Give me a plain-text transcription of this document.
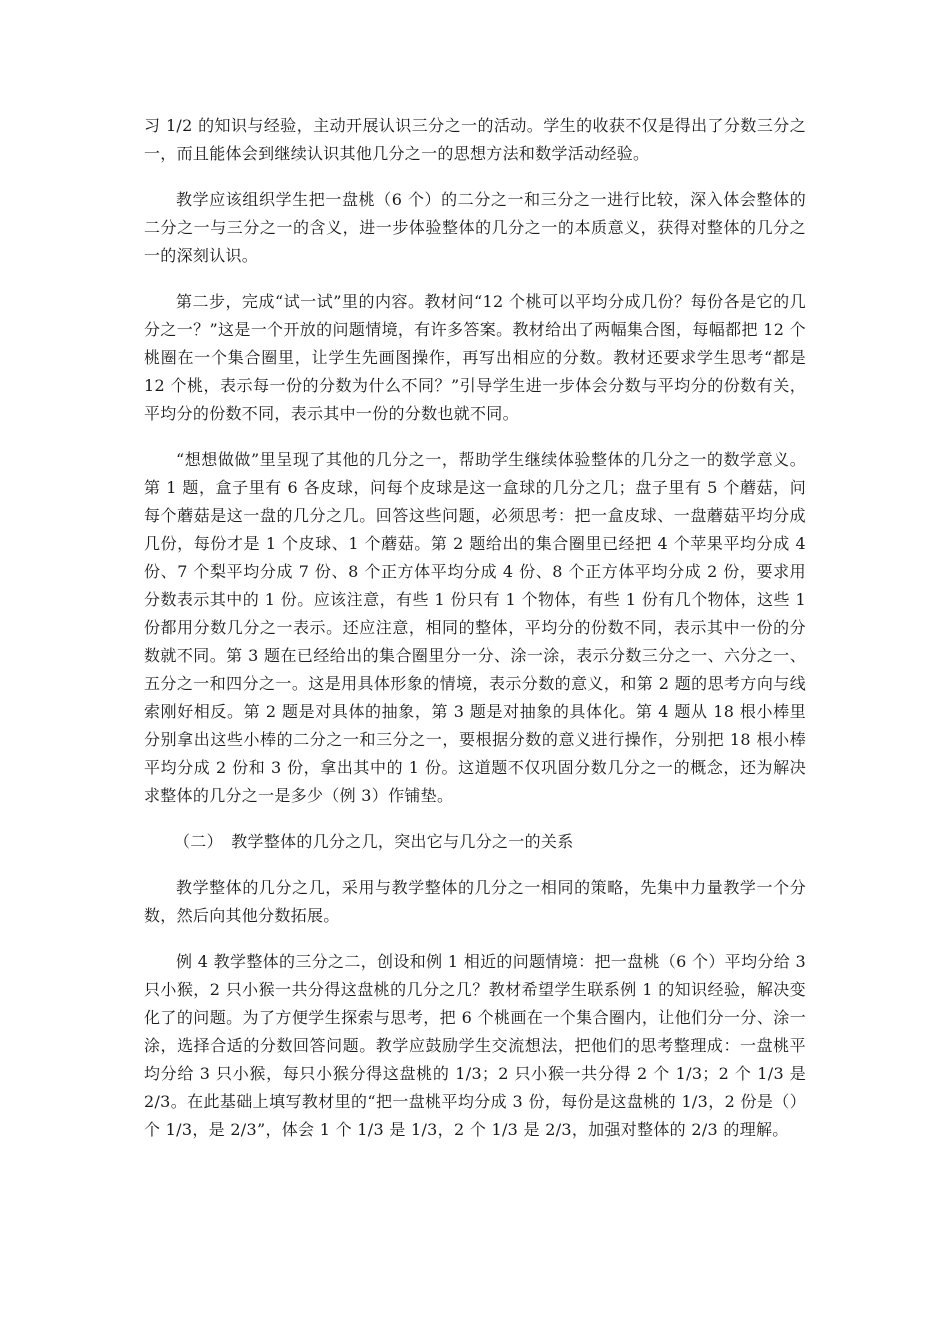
习 1/2 的知识与经验，主动开展认识三分之一的活动。学生的收获不仅是得出了分数三分之一，而且能体会到继续认识其他几分之一的思想方法和数学活动经验。

教学应该组织学生把一盘桃（6 个）的二分之一和三分之一进行比较，深入体会整体的二分之一与三分之一的含义，进一步体验整体的几分之一的本质意义，获得对整体的几分之一的深刻认识。

第二步，完成“试一试”里的内容。教材问“12 个桃可以平均分成几份？每份各是它的几分之一？”这是一个开放的问题情境，有许多答案。教材给出了两幅集合图，每幅都把 12 个桃圈在一个集合圈里，让学生先画图操作，再写出相应的分数。教材还要求学生思考“都是 12 个桃，表示每一份的分数为什么不同？”引导学生进一步体会分数与平均分的份数有关，平均分的份数不同，表示其中一份的分数也就不同。

“想想做做”里呈现了其他的几分之一，帮助学生继续体验整体的几分之一的数学意义。第 1 题，盒子里有 6 各皮球，问每个皮球是这一盒球的几分之几；盘子里有 5 个蘑菇，问每个蘑菇是这一盘的几分之几。回答这些问题，必须思考：把一盒皮球、一盘蘑菇平均分成几份，每份才是 1 个皮球、1 个蘑菇。第 2 题给出的集合圈里已经把 4 个苹果平均分成 4 份、7 个梨平均分成 7 份、8 个正方体平均分成 4 份、8 个正方体平均分成 2 份，要求用分数表示其中的 1 份。应该注意，有些 1 份只有 1 个物体，有些 1 份有几个物体，这些 1 份都用分数几分之一表示。还应注意，相同的整体，平均分的份数不同，表示其中一份的分数就不同。第 3 题在已经给出的集合圈里分一分、涂一涂，表示分数三分之一、六分之一、五分之一和四分之一。这是用具体形象的情境，表示分数的意义，和第 2 题的思考方向与线索刚好相反。第 2 题是对具体的抽象，第 3 题是对抽象的具体化。第 4 题从 18 根小棒里分别拿出这些小棒的二分之一和三分之一，要根据分数的意义进行操作，分别把 18 根小棒平均分成 2 份和 3 份，拿出其中的 1 份。这道题不仅巩固分数几分之一的概念，还为解决求整体的几分之一是多少（例 3）作铺垫。

（二）　教学整体的几分之几，突出它与几分之一的关系

教学整体的几分之几，采用与教学整体的几分之一相同的策略，先集中力量教学一个分数，然后向其他分数拓展。

例 4 教学整体的三分之二，创设和例 1 相近的问题情境：把一盘桃（6 个）平均分给 3 只小猴，2 只小猴一共分得这盘桃的几分之几？教材希望学生联系例 1 的知识经验，解决变化了的问题。为了方便学生探索与思考，把 6 个桃画在一个集合圈内，让他们分一分、涂一涂，选择合适的分数回答问题。教学应鼓励学生交流想法，把他们的思考整理成：一盘桃平均分给 3 只小猴，每只小猴分得这盘桃的 1/3；2 只小猴一共分得 2 个 1/3；2 个 1/3 是 2/3。在此基础上填写教材里的“把一盘桃平均分成 3 份，每份是这盘桃的 1/3，2 份是（）个 1/3，是 2/3”，体会 1 个 1/3 是 1/3，2 个 1/3 是 2/3，加强对整体的 2/3 的理解。
